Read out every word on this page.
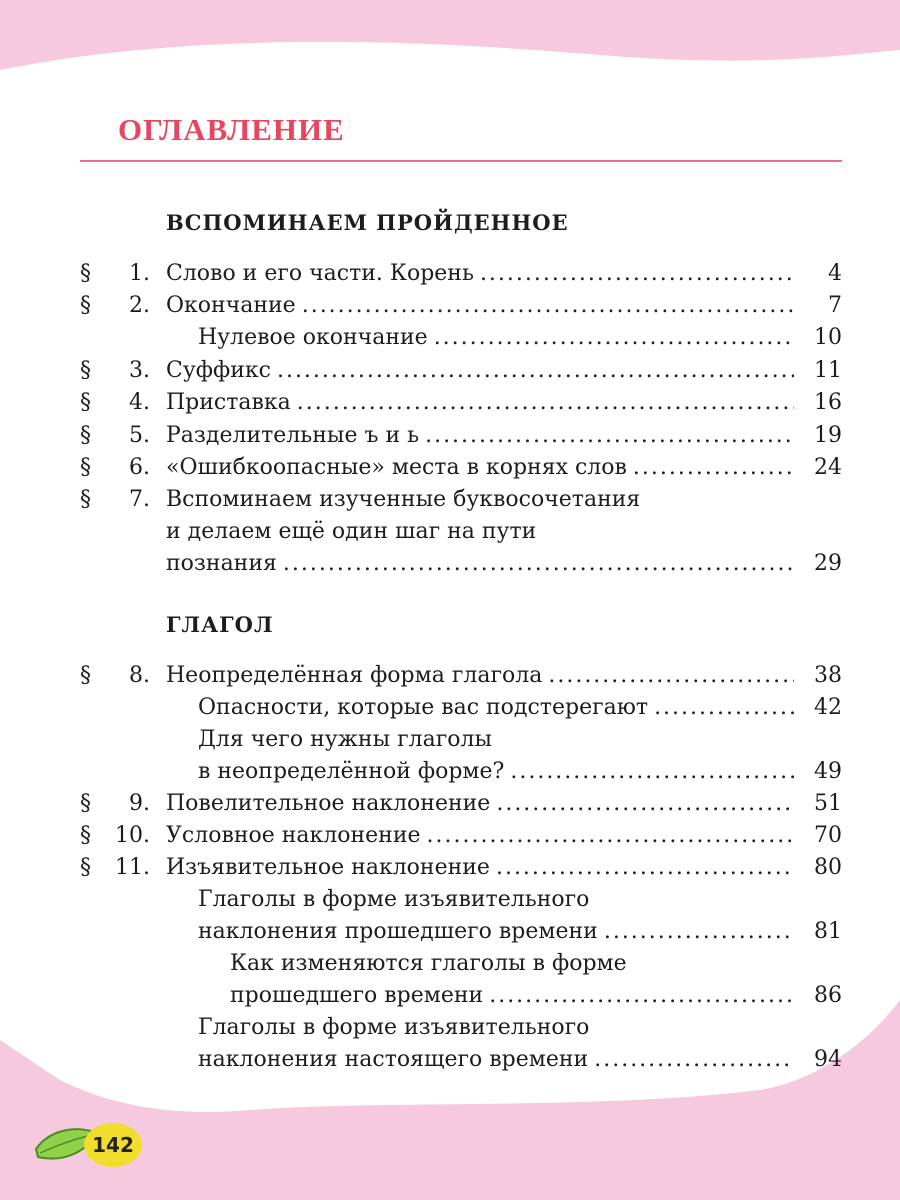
ОГЛАВЛЕНИЕ
ВСПОМИНАЕМ ПРОЙДЕННОЕ
§	1. Слово и его части. Корень .....	4
§	2. Окончание .....	7
Нулевое окончание .....	10
§	3. Суффикс .....	11
§	4. Приставка .....	16
§	5. Разделительные ъ и ь .....	19
§	6. «Ошибкоопасные» места в корнях слов .....	24
§	7. Вспоминаем изученные буквосочетания
и делаем ещё один шаг на пути
познания .....	29
ГЛАГОЛ
§	8. Неопределённая форма глагола .....	38
Опасности, которые вас подстерегают .....	42
Для чего нужны глаголы
в неопределённой форме? .....	49
§	9. Повелительное наклонение .....	51
§	10. Условное наклонение .....	70
§	11. Изъявительное наклонение .....	80
Глаголы в форме изъявительного
наклонения прошедшего времени .....	81
Как изменяются глаголы в форме
прошедшего времени .....	86
Глаголы в форме изъявительного
наклонения настоящего времени .....	94
142
